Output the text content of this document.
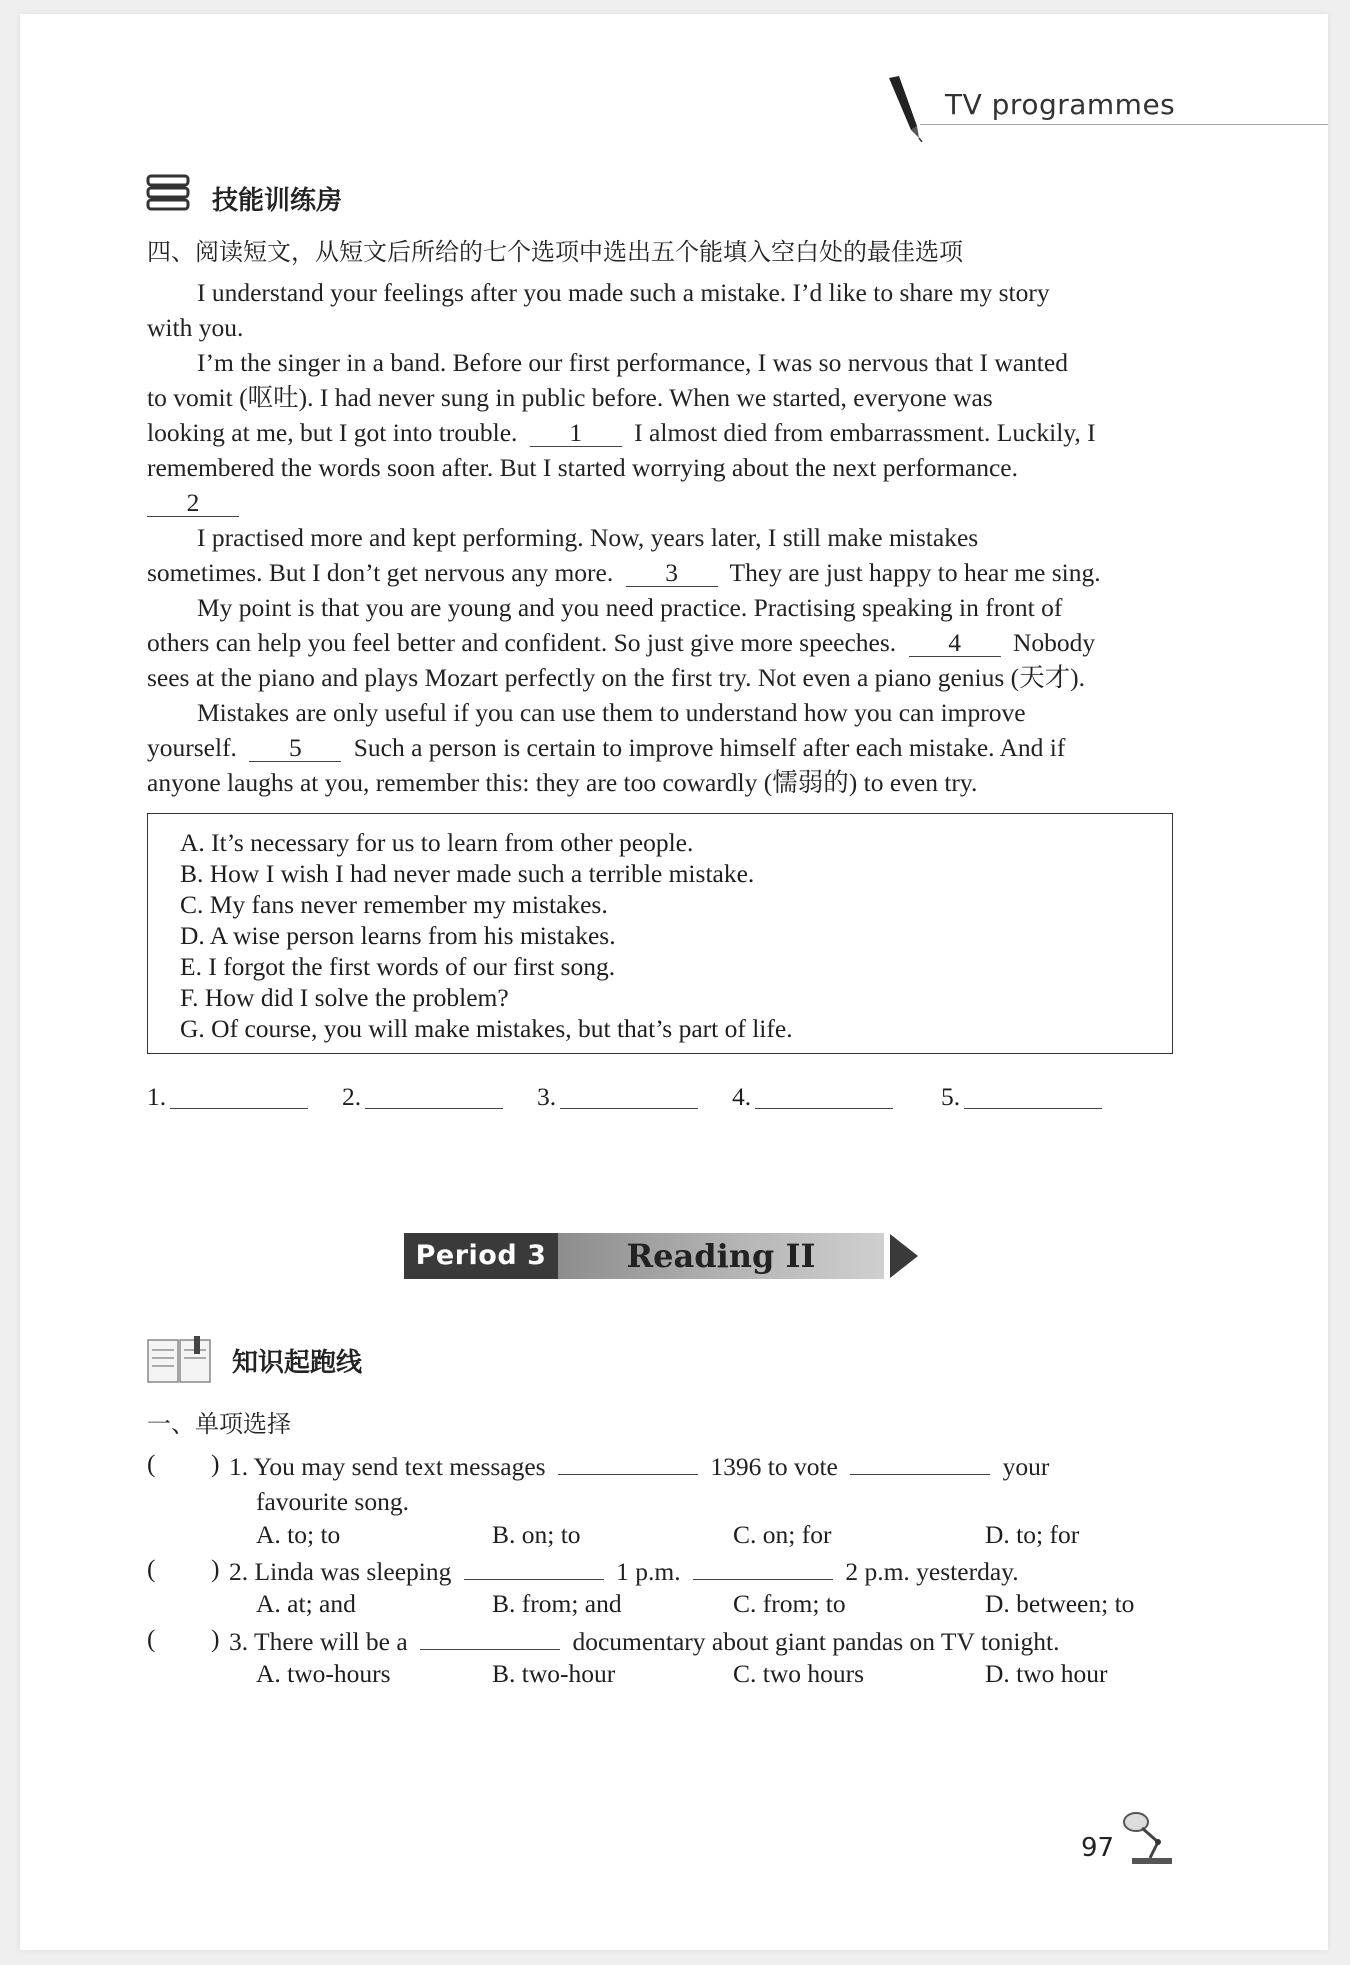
TV programmes
技能训练房
四、阅读短文，从短文后所给的七个选项中选出五个能填入空白处的最佳选项
I understand your feelings after you made such a mistake. I’d like to share my story
with you.
I’m the singer in a band. Before our first performance, I was so nervous that I wanted
to vomit (呕吐). I had never sung in public before. When we started, everyone was
looking at me, but I got into trouble. 1 I almost died from embarrassment. Luckily, I
remembered the words soon after. But I started worrying about the next performance.
2
I practised more and kept performing. Now, years later, I still make mistakes
sometimes. But I don’t get nervous any more. 3 They are just happy to hear me sing.
My point is that you are young and you need practice. Practising speaking in front of
others can help you feel better and confident. So just give more speeches. 4 Nobody
sees at the piano and plays Mozart perfectly on the first try. Not even a piano genius (天才).
Mistakes are only useful if you can use them to understand how you can improve
yourself. 5 Such a person is certain to improve himself after each mistake. And if
anyone laughs at you, remember this: they are too cowardly (懦弱的) to even try.
A. It’s necessary for us to learn from other people.
B. How I wish I had never made such a terrible mistake.
C. My fans never remember my mistakes.
D. A wise person learns from his mistakes.
E. I forgot the first words of our first song.
F. How did I solve the problem?
G. Of course, you will make mistakes, but that’s part of life.
1.	2.	3.	4.	5.
Period 3	Reading II
知识起跑线
一、单项选择
( ) 1. You may send text messages	1396 to vote	your
favourite song.
A. to; to	B. on; to	C. on; for	D. to; for
( ) 2. Linda was sleeping	1 p.m.	2 p.m. yesterday.
A. at; and	B. from; and	C. from; to	D. between; to
( ) 3. There will be a	documentary about giant pandas on TV tonight.
A. two-hours	B. two-hour	C. two hours	D. two hour
97
